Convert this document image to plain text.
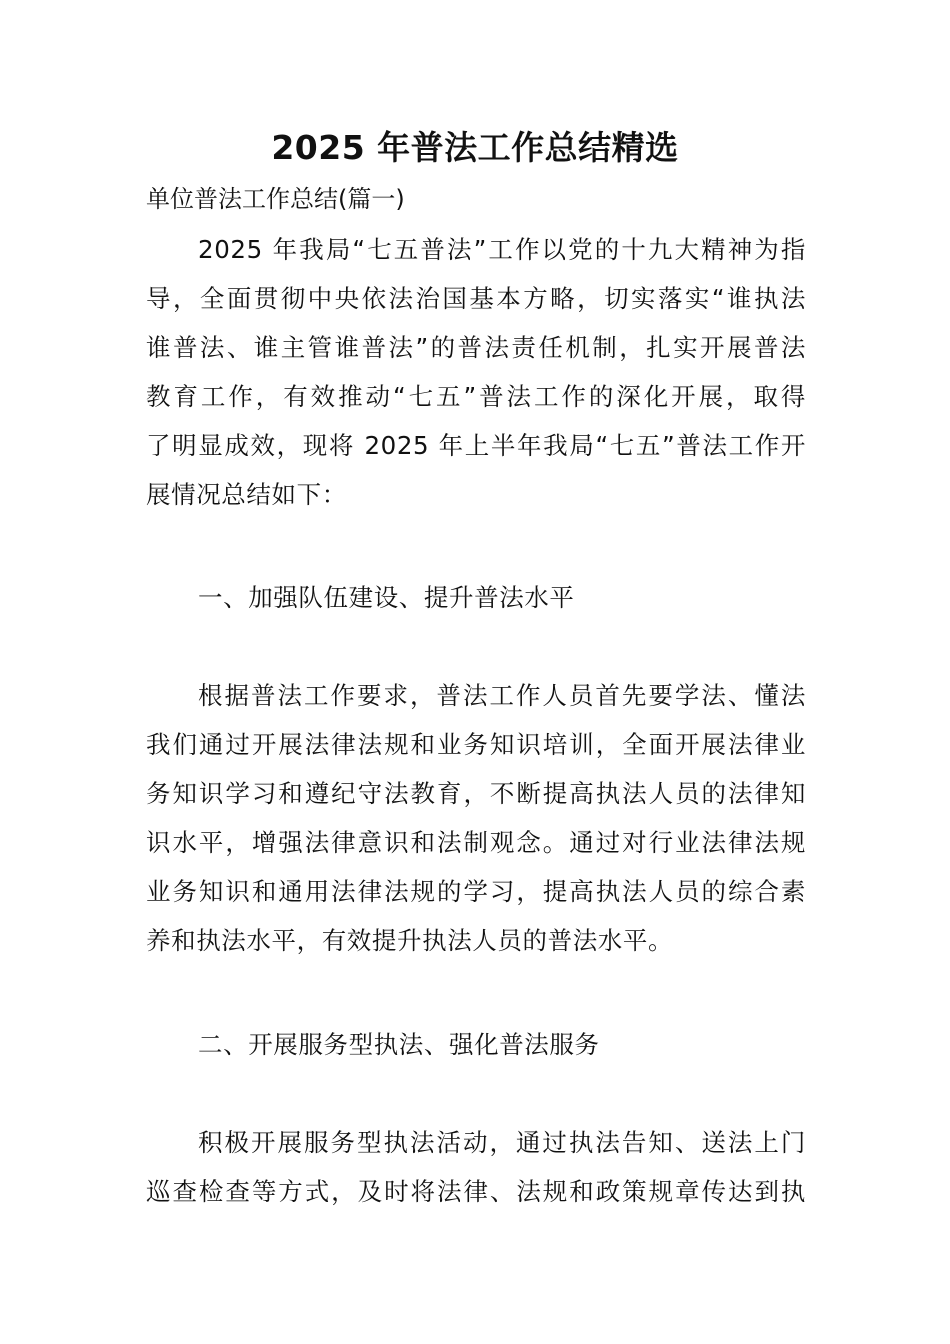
2025 年普法工作总结精选
单位普法工作总结(篇一)
2025 年我局“七五普法”工作以党的十九大精神为指
导，全面贯彻中央依法治国基本方略，切实落实“谁执法
谁普法、谁主管谁普法”的普法责任机制，扎实开展普法
教育工作，有效推动“七五”普法工作的深化开展，取得
了明显成效，现将 2025 年上半年我局“七五”普法工作开
展情况总结如下：
一、加强队伍建设、提升普法水平
根据普法工作要求，普法工作人员首先要学法、懂法
我们通过开展法律法规和业务知识培训，全面开展法律业
务知识学习和遵纪守法教育，不断提高执法人员的法律知
识水平，增强法律意识和法制观念。通过对行业法律法规
业务知识和通用法律法规的学习，提高执法人员的综合素
养和执法水平，有效提升执法人员的普法水平。
二、开展服务型执法、强化普法服务
积极开展服务型执法活动，通过执法告知、送法上门
巡查检查等方式，及时将法律、法规和政策规章传达到执
